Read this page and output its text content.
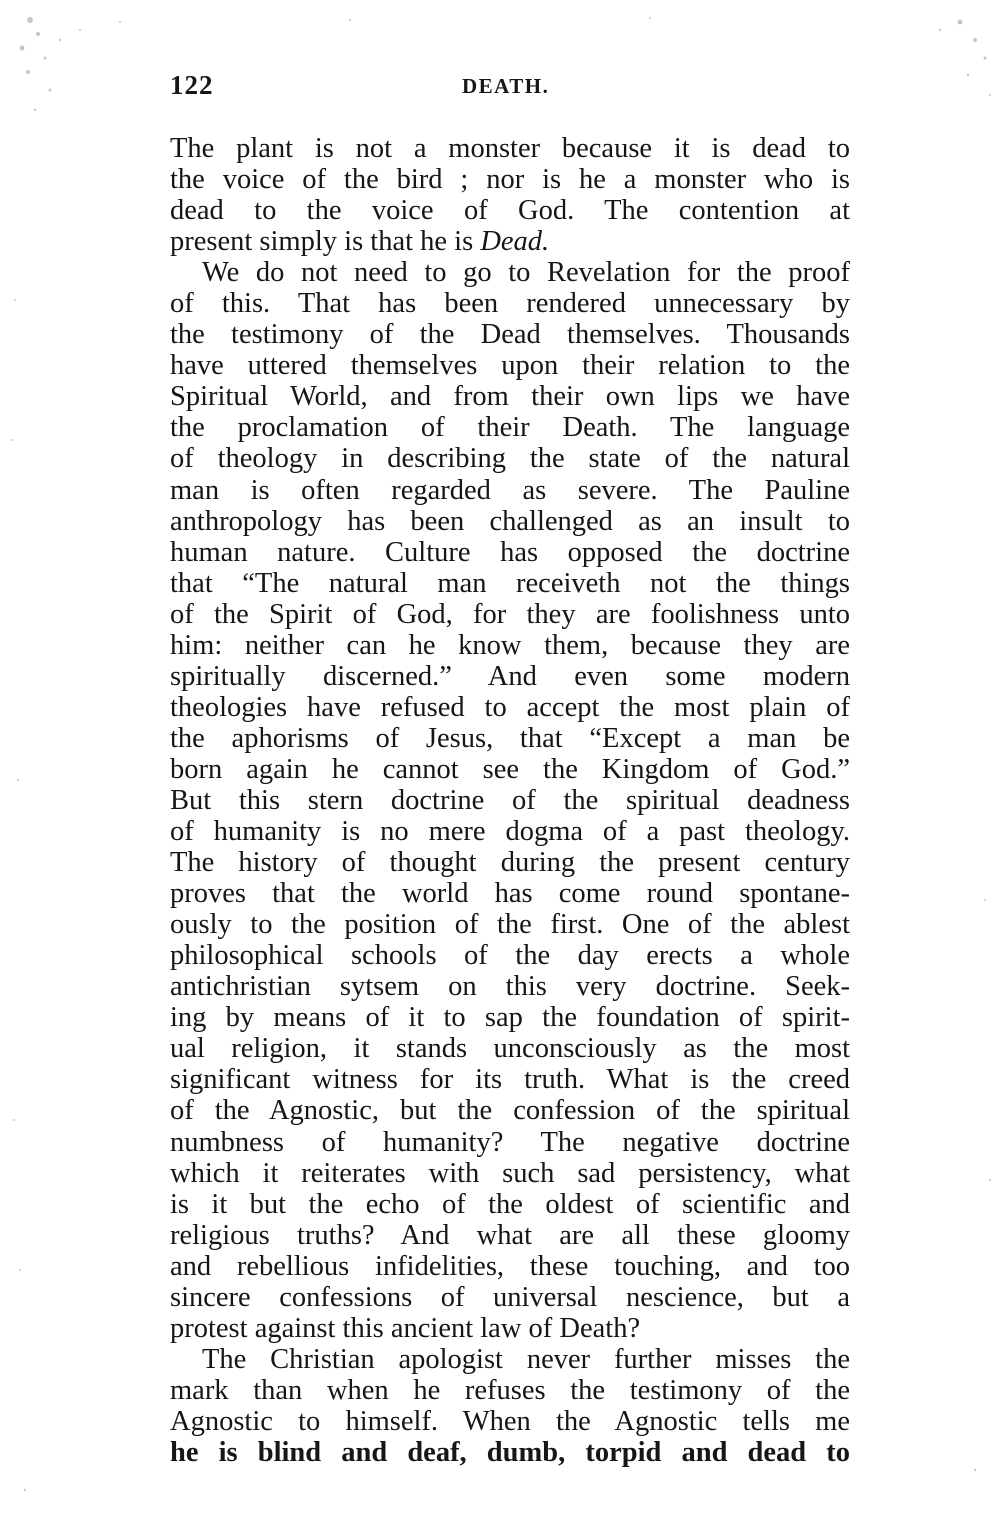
122	DEATH.
The plant is not a monster because it is dead to
the voice of the bird ; nor is he a monster who is
dead to the voice of God. The contention at
present simply is that he is Dead.
We do not need to go to Revelation for the proof
of this. That has been rendered unnecessary by
the testimony of the Dead themselves. Thousands
have uttered themselves upon their relation to the
Spiritual World, and from their own lips we have
the proclamation of their Death. The language
of theology in describing the state of the natural
man is often regarded as severe. The Pauline
anthropology has been challenged as an insult to
human nature. Culture has opposed the doctrine
that “The natural man receiveth not the things
of the Spirit of God, for they are foolishness unto
him: neither can he know them, because they are
spiritually discerned.” And even some modern
theologies have refused to accept the most plain of
the aphorisms of Jesus, that “Except a man be
born again he cannot see the Kingdom of God.”
But this stern doctrine of the spiritual deadness
of humanity is no mere dogma of a past theology.
The history of thought during the present century
proves that the world has come round spontane-
ously to the position of the first. One of the ablest
philosophical schools of the day erects a whole
antichristian sytsem on this very doctrine. Seek-
ing by means of it to sap the foundation of spirit-
ual religion, it stands unconsciously as the most
significant witness for its truth. What is the creed
of the Agnostic, but the confession of the spiritual
numbness of humanity? The negative doctrine
which it reiterates with such sad persistency, what
is it but the echo of the oldest of scientific and
religious truths? And what are all these gloomy
and rebellious infidelities, these touching, and too
sincere confessions of universal nescience, but a
protest against this ancient law of Death?
The Christian apologist never further misses the
mark than when he refuses the testimony of the
Agnostic to himself. When the Agnostic tells me
he is blind and deaf, dumb, torpid and dead to
